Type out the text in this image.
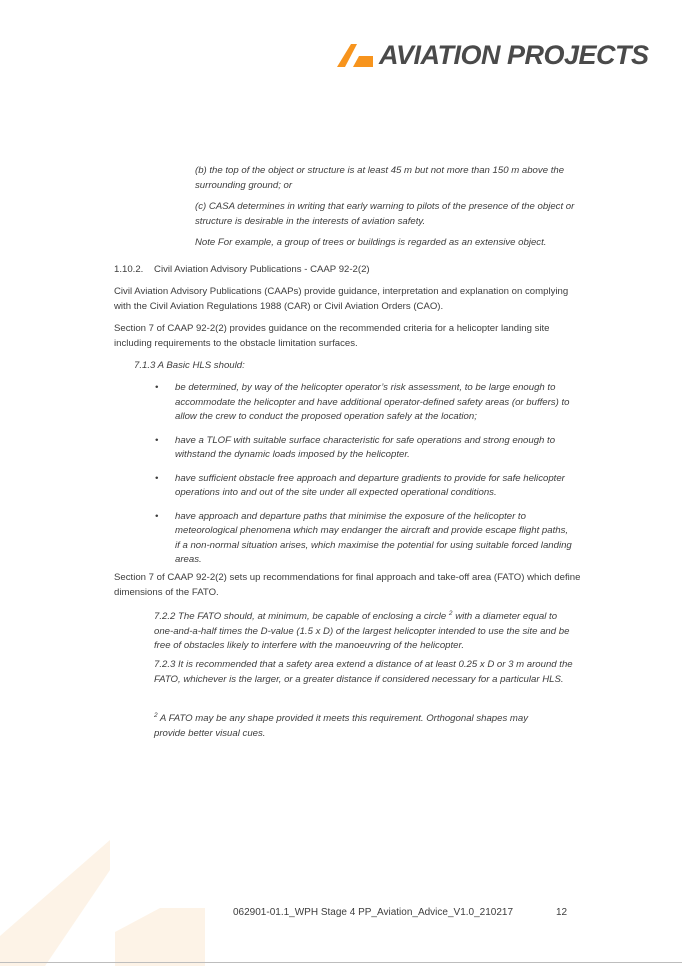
AVIATION PROJECTS
(b) the top of the object or structure is at least 45 m but not more than 150 m above the surrounding ground; or
(c) CASA determines in writing that early warning to pilots of the presence of the object or structure is desirable in the interests of aviation safety.
Note For example, a group of trees or buildings is regarded as an extensive object.
1.10.2. Civil Aviation Advisory Publications - CAAP 92-2(2)
Civil Aviation Advisory Publications (CAAPs) provide guidance, interpretation and explanation on complying with the Civil Aviation Regulations 1988 (CAR) or Civil Aviation Orders (CAO).
Section 7 of CAAP 92-2(2) provides guidance on the recommended criteria for a helicopter landing site including requirements to the obstacle limitation surfaces.
7.1.3 A Basic HLS should:
• be determined, by way of the helicopter operator’s risk assessment, to be large enough to accommodate the helicopter and have additional operator-defined safety areas (or buffers) to allow the crew to conduct the proposed operation safely at the location;
• have a TLOF with suitable surface characteristic for safe operations and strong enough to withstand the dynamic loads imposed by the helicopter.
• have sufficient obstacle free approach and departure gradients to provide for safe helicopter operations into and out of the site under all expected operational conditions.
• have approach and departure paths that minimise the exposure of the helicopter to meteorological phenomena which may endanger the aircraft and provide escape flight paths, if a non-normal situation arises, which maximise the potential for using suitable forced landing areas.
Section 7 of CAAP 92-2(2) sets up recommendations for final approach and take-off area (FATO) which define dimensions of the FATO.
7.2.2 The FATO should, at minimum, be capable of enclosing a circle $^2$ with a diameter equal to one-and-a-half times the D-value (1.5 x D) of the largest helicopter intended to use the site and be free of obstacles likely to interfere with the manoeuvring of the helicopter.
7.2.3 It is recommended that a safety area extend a distance of at least 0.25 x D or 3 m around the FATO, whichever is the larger, or a greater distance if considered necessary for a particular HLS.
$^2$ A FATO may be any shape provided it meets this requirement. Orthogonal shapes may provide better visual cues.
062901-01.1_WPH Stage 4 PP_Aviation_Advice_V1.0_210217	12
